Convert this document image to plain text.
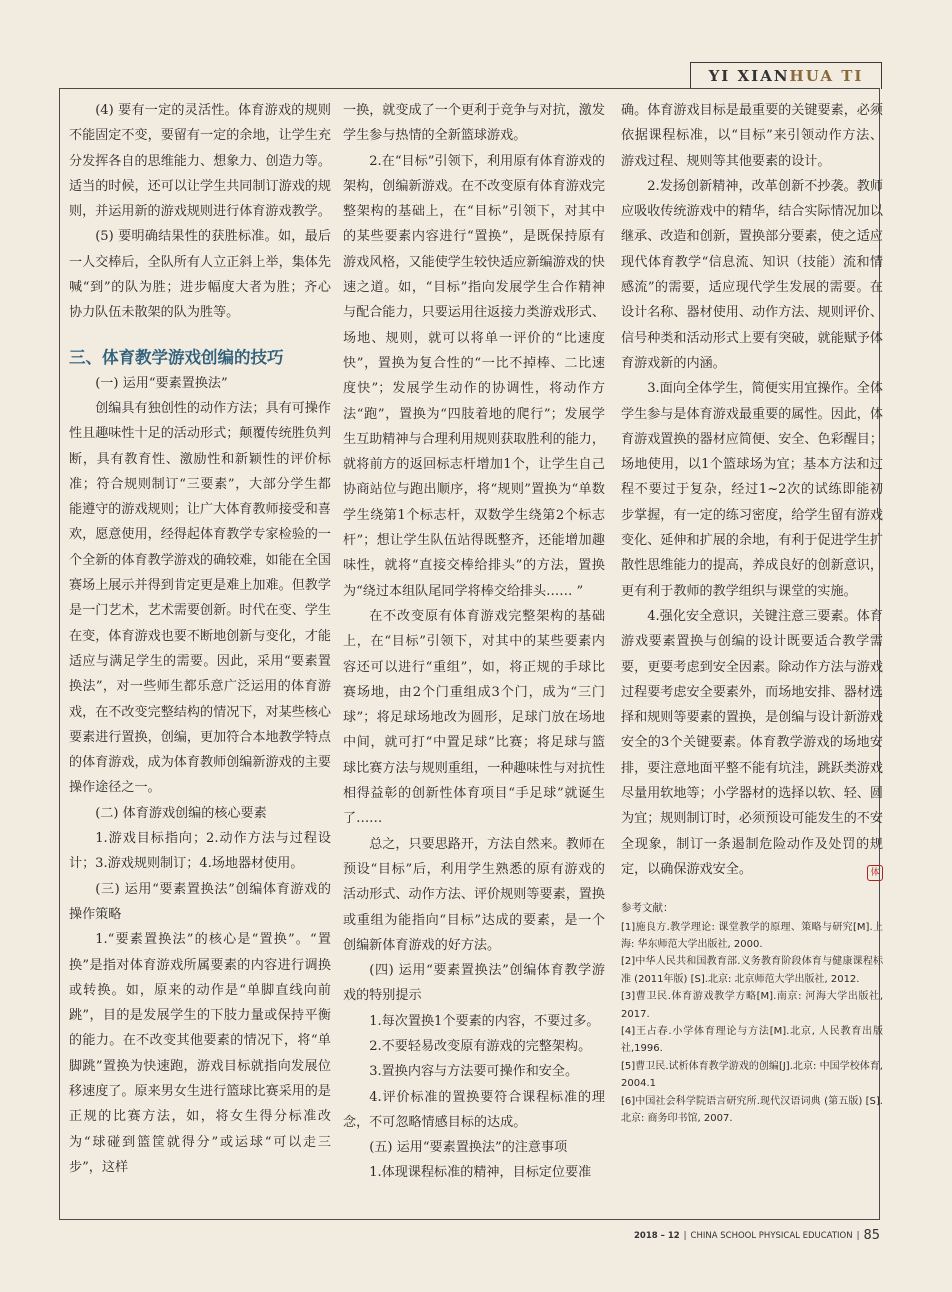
YI XIAN HUA TI

(4) 要有一定的灵活性。体育游戏的规则不能固定不变，要留有一定的余地，让学生充分发挥各自的思维能力、想象力、创造力等。适当的时候，还可以让学生共同制订游戏的规则，并运用新的游戏规则进行体育游戏教学。

(5) 要明确结果性的获胜标准。如，最后一人交棒后，全队所有人立正斜上举，集体先喊“到”的队为胜；进步幅度大者为胜；齐心协力队伍未散架的队为胜等。

三、体育教学游戏创编的技巧

(一) 运用“要素置换法”

创编具有独创性的动作方法；具有可操作性且趣味性十足的活动形式；颠覆传统胜负判断，具有教育性、激励性和新颖性的评价标准；符合规则制订“三要素”，大部分学生都能遵守的游戏规则；让广大体育教师接受和喜欢，愿意使用，经得起体育教学专家检验的一个全新的体育教学游戏的确较难，如能在全国赛场上展示并得到肯定更是难上加难。但教学是一门艺术，艺术需要创新。时代在变、学生在变，体育游戏也要不断地创新与变化，才能适应与满足学生的需要。因此，采用“要素置换法”，对一些师生都乐意广泛运用的体育游戏，在不改变完整结构的情况下，对某些核心要素进行置换，创编，更加符合本地教学特点的体育游戏，成为体育教师创编新游戏的主要操作途径之一。

(二) 体育游戏创编的核心要素

1.游戏目标指向；2.动作方法与过程设计；3.游戏规则制订；4.场地器材使用。

(三) 运用“要素置换法”创编体育游戏的操作策略

1.“要素置换法”的核心是“置换”。“置换”是指对体育游戏所属要素的内容进行调换或转换。如，原来的动作是“单脚直线向前跳”，目的是发展学生的下肢力量或保持平衡的能力。在不改变其他要素的情况下，将“单脚跳”置换为快速跑，游戏目标就指向发展位移速度了。原来男女生进行篮球比赛采用的是正规的比赛方法，如，将女生得分标准改为“球碰到篮筐就得分”或运球“可以走三步”，这样

一换，就变成了一个更利于竞争与对抗，激发学生参与热情的全新篮球游戏。

2.在“目标”引领下，利用原有体育游戏的架构，创编新游戏。在不改变原有体育游戏完整架构的基础上，在“目标”引领下，对其中的某些要素内容进行“置换”，是既保持原有游戏风格，又能使学生较快适应新编游戏的快速之道。如，“目标”指向发展学生合作精神与配合能力，只要运用往返接力类游戏形式、场地、规则，就可以将单一评价的“比速度快”，置换为复合性的“一比不掉棒、二比速度快”；发展学生动作的协调性，将动作方法“跑”，置换为“四肢着地的爬行”；发展学生互助精神与合理利用规则获取胜利的能力，就将前方的返回标志杆增加1个，让学生自己协商站位与跑出顺序，将“规则”置换为“单数学生绕第1个标志杆，双数学生绕第2个标志杆”；想让学生队伍站得既整齐，还能增加趣味性，就将“直接交棒给排头”的方法，置换为“绕过本组队尾同学将棒交给排头…… ”

在不改变原有体育游戏完整架构的基础上，在“目标”引领下，对其中的某些要素内容还可以进行“重组”，如，将正规的手球比赛场地，由2个门重组成3个门，成为“三门球”；将足球场地改为圆形，足球门放在场地中间，就可打“中置足球”比赛；将足球与篮球比赛方法与规则重组，一种趣味性与对抗性相得益彰的创新性体育项目“手足球”就诞生了……

总之，只要思路开，方法自然来。教师在预设“目标”后，利用学生熟悉的原有游戏的活动形式、动作方法、评价规则等要素，置换或重组为能指向“目标”达成的要素，是一个创编新体育游戏的好方法。

(四) 运用“要素置换法”创编体育教学游戏的特别提示

1.每次置换1个要素的内容，不要过多。

2.不要轻易改变原有游戏的完整架构。

3.置换内容与方法要可操作和安全。

4.评价标准的置换要符合课程标准的理念，不可忽略情感目标的达成。

(五) 运用“要素置换法”的注意事项

1.体现课程标准的精神，目标定位要准

确。体育游戏目标是最重要的关键要素，必须依据课程标准，以“目标”来引领动作方法、游戏过程、规则等其他要素的设计。

2.发扬创新精神，改革创新不抄袭。教师应吸收传统游戏中的精华，结合实际情况加以继承、改造和创新，置换部分要素，使之适应现代体育教学“信息流、知识（技能）流和情感流”的需要，适应现代学生发展的需要。在设计名称、器材使用、动作方法、规则评价、信号种类和活动形式上要有突破，就能赋予体育游戏新的内涵。

3.面向全体学生，简便实用宜操作。全体学生参与是体育游戏最重要的属性。因此，体育游戏置换的器材应简便、安全、色彩醒目；场地使用，以1个篮球场为宜；基本方法和过程不要过于复杂，经过1~2次的试练即能初步掌握，有一定的练习密度，给学生留有游戏变化、延伸和扩展的余地，有利于促进学生扩散性思维能力的提高，养成良好的创新意识，更有利于教师的教学组织与课堂的实施。

4.强化安全意识，关键注意三要素。体育游戏要素置换与创编的设计既要适合教学需要，更要考虑到安全因素。除动作方法与游戏过程要考虑安全要素外，而场地安排、器材选择和规则等要素的置换，是创编与设计新游戏安全的3个关键要素。体育教学游戏的场地安排，要注意地面平整不能有坑洼，跳跃类游戏尽量用软地等；小学器材的选择以软、轻、圆为宜；规则制订时，必须预设可能发生的不安全现象，制订一条遏制危险动作及处罚的规定，以确保游戏安全。	体
参考文献：
[1]施良方.教学理论: 课堂教学的原理、策略与研究[M].上海: 华东师范大学出版社, 2000.
[2]中华人民共和国教育部.义务教育阶段体育与健康课程标准 (2011年版) [S].北京: 北京师范大学出版社, 2012.
[3]曹卫民.体育游戏教学方略[M].南京: 河海大学出版社, 2017.
[4]王占春.小学体育理论与方法[M].北京, 人民教育出版社,1996.
[5]曹卫民.试析体育教学游戏的创编[J].北京: 中国学校体育, 2004.1
[6]中国社会科学院语言研究所.现代汉语词典 (第五版) [S].北京: 商务印书馆, 2007.
2018 – 12 | CHINA SCHOOL PHYSICAL EDUCATION | 85
